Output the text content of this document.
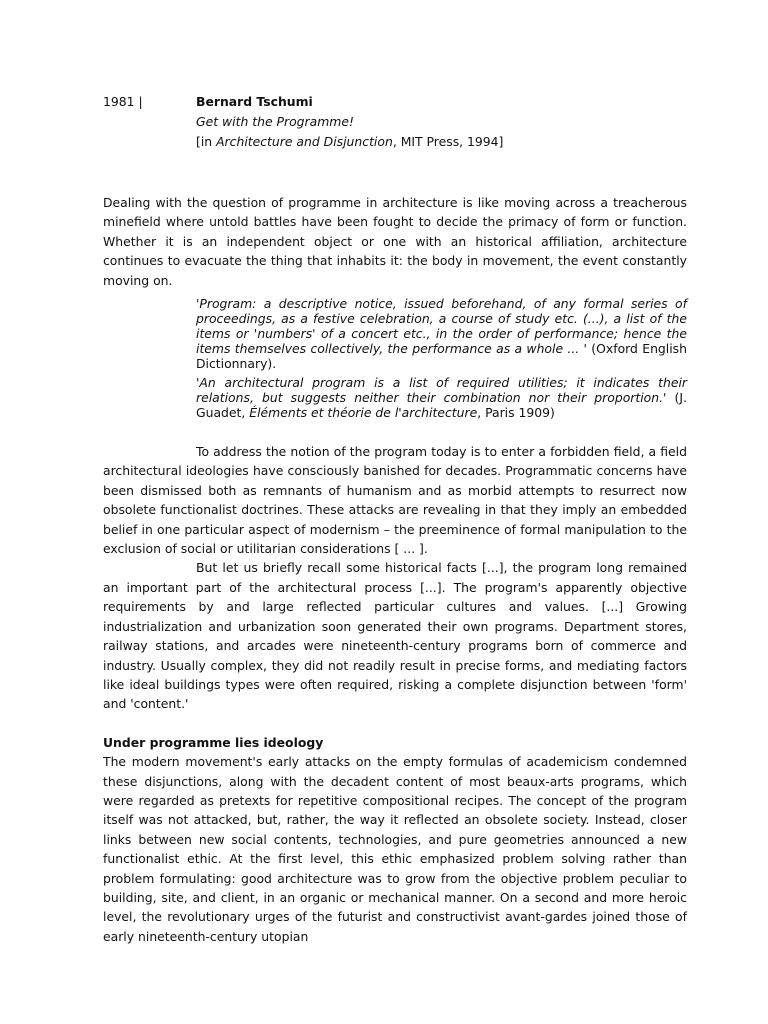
1981 |	Bernard Tschumi
Get with the Programme!
[in Architecture and Disjunction, MIT Press, 1994]

Dealing with the question of programme in architecture is like moving across a treacherous minefield where untold battles have been fought to decide the primacy of form or function. Whether it is an independent object or one with an historical affiliation, architecture continues to evacuate the thing that inhabits it: the body in movement, the event constantly moving on.

'Program: a descriptive notice, issued beforehand, of any formal series of proceedings, as a festive celebration, a course of study etc. (...), a list of the items or 'numbers' of a concert etc., in the order of performance; hence the items themselves collectively, the performance as a whole ... ' (Oxford English Dictionnary).
'An architectural program is a list of required utilities; it indicates their relations, but suggests neither their combination nor their proportion.' (J. Guadet, Éléments et théorie de l'architecture, Paris 1909)

To address the notion of the program today is to enter a forbidden field, a field architectural ideologies have consciously banished for decades. Programmatic concerns have been dismissed both as remnants of humanism and as morbid attempts to resurrect now obsolete functionalist doctrines. These attacks are revealing in that they imply an embedded belief in one particular aspect of modernism – the preeminence of formal manipulation to the exclusion of social or utilitarian considerations [ ... ].

But let us briefly recall some historical facts [...], the program long remained an important part of the architectural process [...]. The program's apparently objective requirements by and large reflected particular cultures and values. [...] Growing industrialization and urbanization soon generated their own programs. Department stores, railway stations, and arcades were nineteenth-century programs born of commerce and industry. Usually complex, they did not readily result in precise forms, and mediating factors like ideal buildings types were often required, risking a complete disjunction between 'form' and 'content.'

Under programme lies ideology

The modern movement's early attacks on the empty formulas of academicism condemned these disjunctions, along with the decadent content of most beaux-arts programs, which were regarded as pretexts for repetitive compositional recipes. The concept of the program itself was not attacked, but, rather, the way it reflected an obsolete society. Instead, closer links between new social contents, technologies, and pure geometries announced a new functionalist ethic. At the first level, this ethic emphasized problem solving rather than problem formulating: good architecture was to grow from the objective problem peculiar to building, site, and client, in an organic or mechanical manner. On a second and more heroic level, the revolutionary urges of the futurist and constructivist avant-gardes joined those of early nineteenth-century utopian
